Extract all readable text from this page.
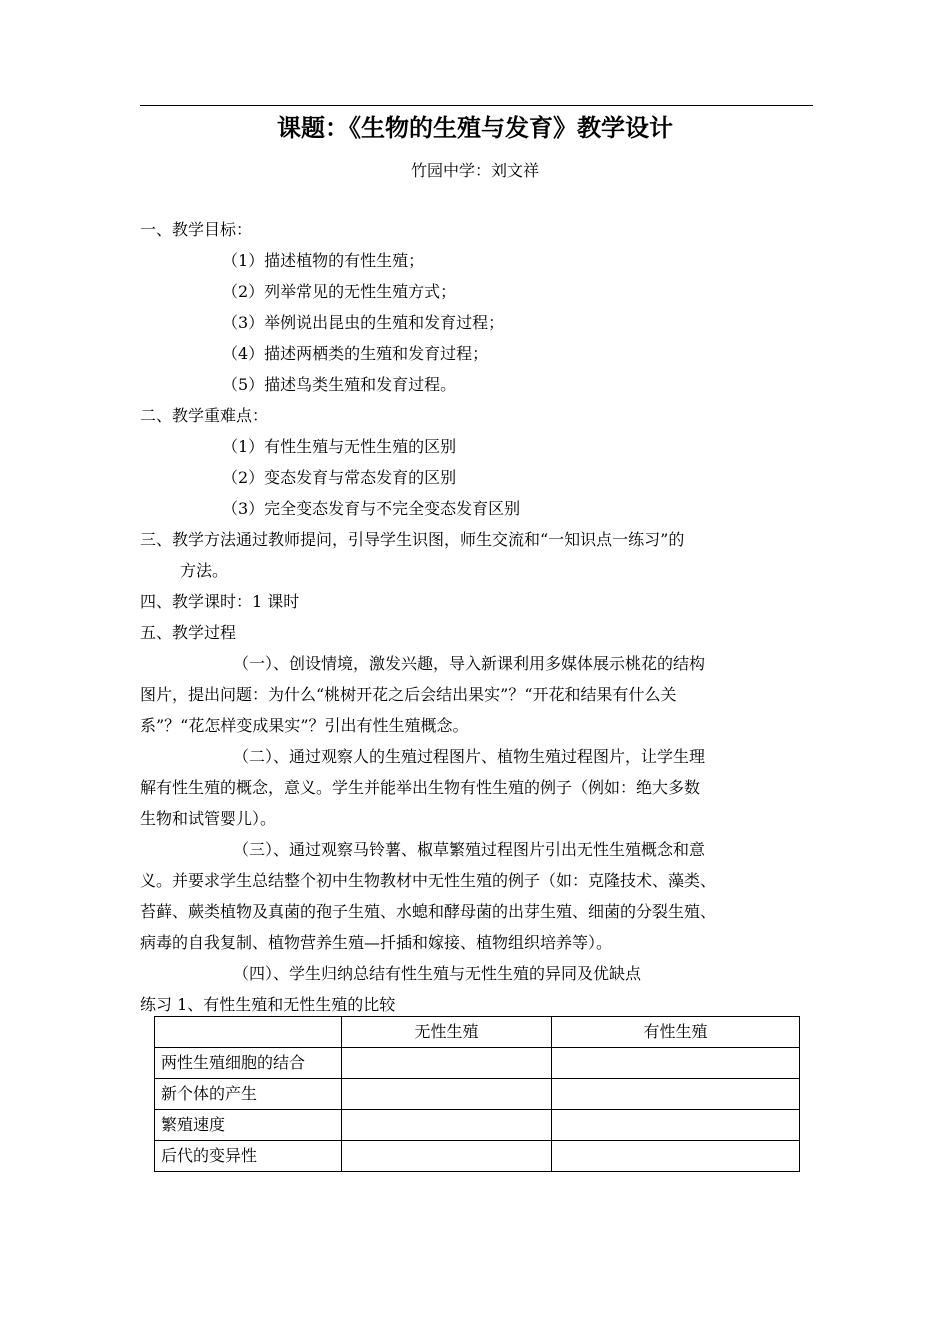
课题：《生物的生殖与发育》教学设计
竹园中学：刘文祥
一、教学目标：
（1）描述植物的有性生殖；
（2）列举常见的无性生殖方式；
（3）举例说出昆虫的生殖和发育过程；
（4）描述两栖类的生殖和发育过程；
（5）描述鸟类生殖和发育过程。
二、教学重难点：
（1）有性生殖与无性生殖的区别
（2）变态发育与常态发育的区别
（3）完全变态发育与不完全变态发育区别
三、教学方法通过教师提问，引导学生识图，师生交流和“一知识点一练习”的
方法。
四、教学课时：1 课时
五、教学过程
（一）、创设情境，激发兴趣，导入新课利用多媒体展示桃花的结构
图片，提出问题：为什么“桃树开花之后会结出果实”？“开花和结果有什么关
系”？“花怎样变成果实”？引出有性生殖概念。
（二）、通过观察人的生殖过程图片、植物生殖过程图片，让学生理
解有性生殖的概念，意义。学生并能举出生物有性生殖的例子（例如：绝大多数
生物和试管婴儿）。
（三）、通过观察马铃薯、椒草繁殖过程图片引出无性生殖概念和意
义。并要求学生总结整个初中生物教材中无性生殖的例子（如：克隆技术、藻类、
苔藓、蕨类植物及真菌的孢子生殖、水螅和酵母菌的出芽生殖、细菌的分裂生殖、
病毒的自我复制、植物营养生殖—扦插和嫁接、植物组织培养等）。
（四）、学生归纳总结有性生殖与无性生殖的异同及优缺点
练习 1、有性生殖和无性生殖的比较
	无性生殖	有性生殖
两性生殖细胞的结合		
新个体的产生		
繁殖速度		
后代的变异性		
